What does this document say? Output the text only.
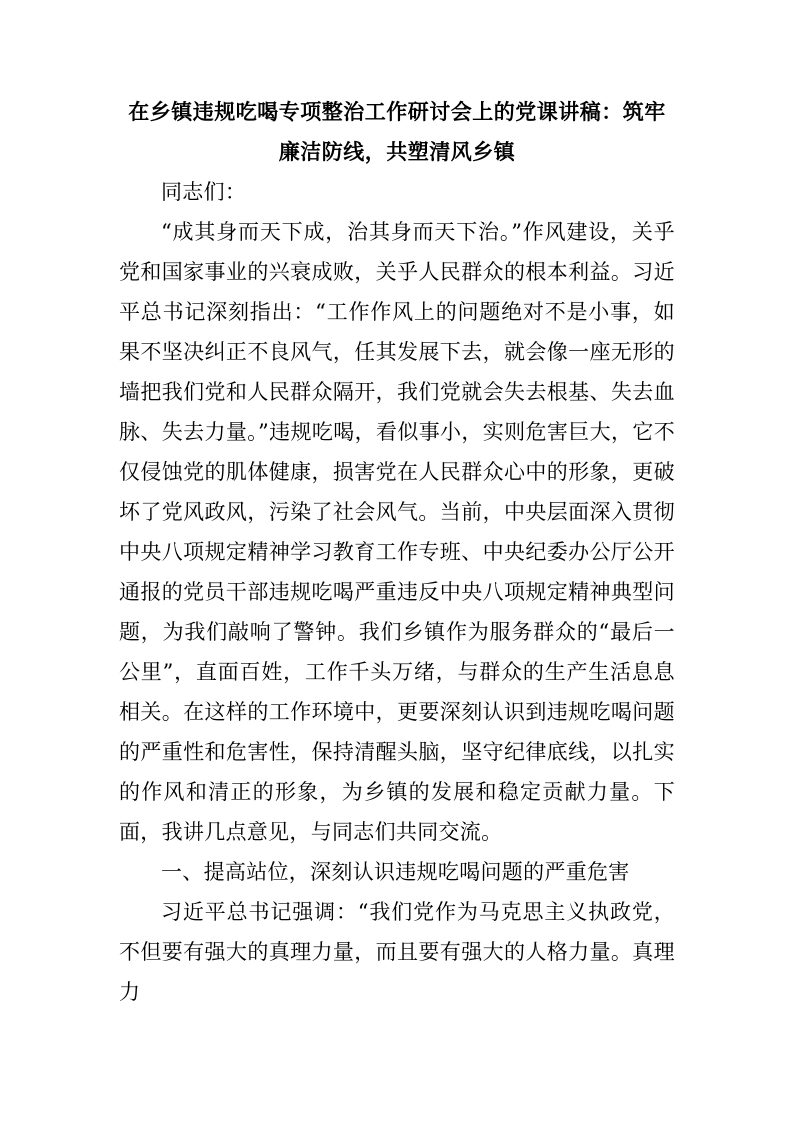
在乡镇违规吃喝专项整治工作研讨会上的党课讲稿：筑牢廉洁防线，共塑清风乡镇

同志们：

“成其身而天下成，治其身而天下治。”作风建设，关乎党和国家事业的兴衰成败，关乎人民群众的根本利益。习近平总书记深刻指出：“工作作风上的问题绝对不是小事，如果不坚决纠正不良风气，任其发展下去，就会像一座无形的墙把我们党和人民群众隔开，我们党就会失去根基、失去血脉、失去力量。”违规吃喝，看似事小，实则危害巨大，它不仅侵蚀党的肌体健康，损害党在人民群众心中的形象，更破坏了党风政风，污染了社会风气。当前，中央层面深入贯彻中央八项规定精神学习教育工作专班、中央纪委办公厅公开通报的党员干部违规吃喝严重违反中央八项规定精神典型问题，为我们敲响了警钟。我们乡镇作为服务群众的“最后一公里”，直面百姓，工作千头万绪，与群众的生产生活息息相关。在这样的工作环境中，更要深刻认识到违规吃喝问题的严重性和危害性，保持清醒头脑，坚守纪律底线，以扎实的作风和清正的形象，为乡镇的发展和稳定贡献力量。下面，我讲几点意见，与同志们共同交流。

一、提高站位，深刻认识违规吃喝问题的严重危害

习近平总书记强调：“我们党作为马克思主义执政党，不但要有强大的真理力量，而且要有强大的人格力量。真理力
